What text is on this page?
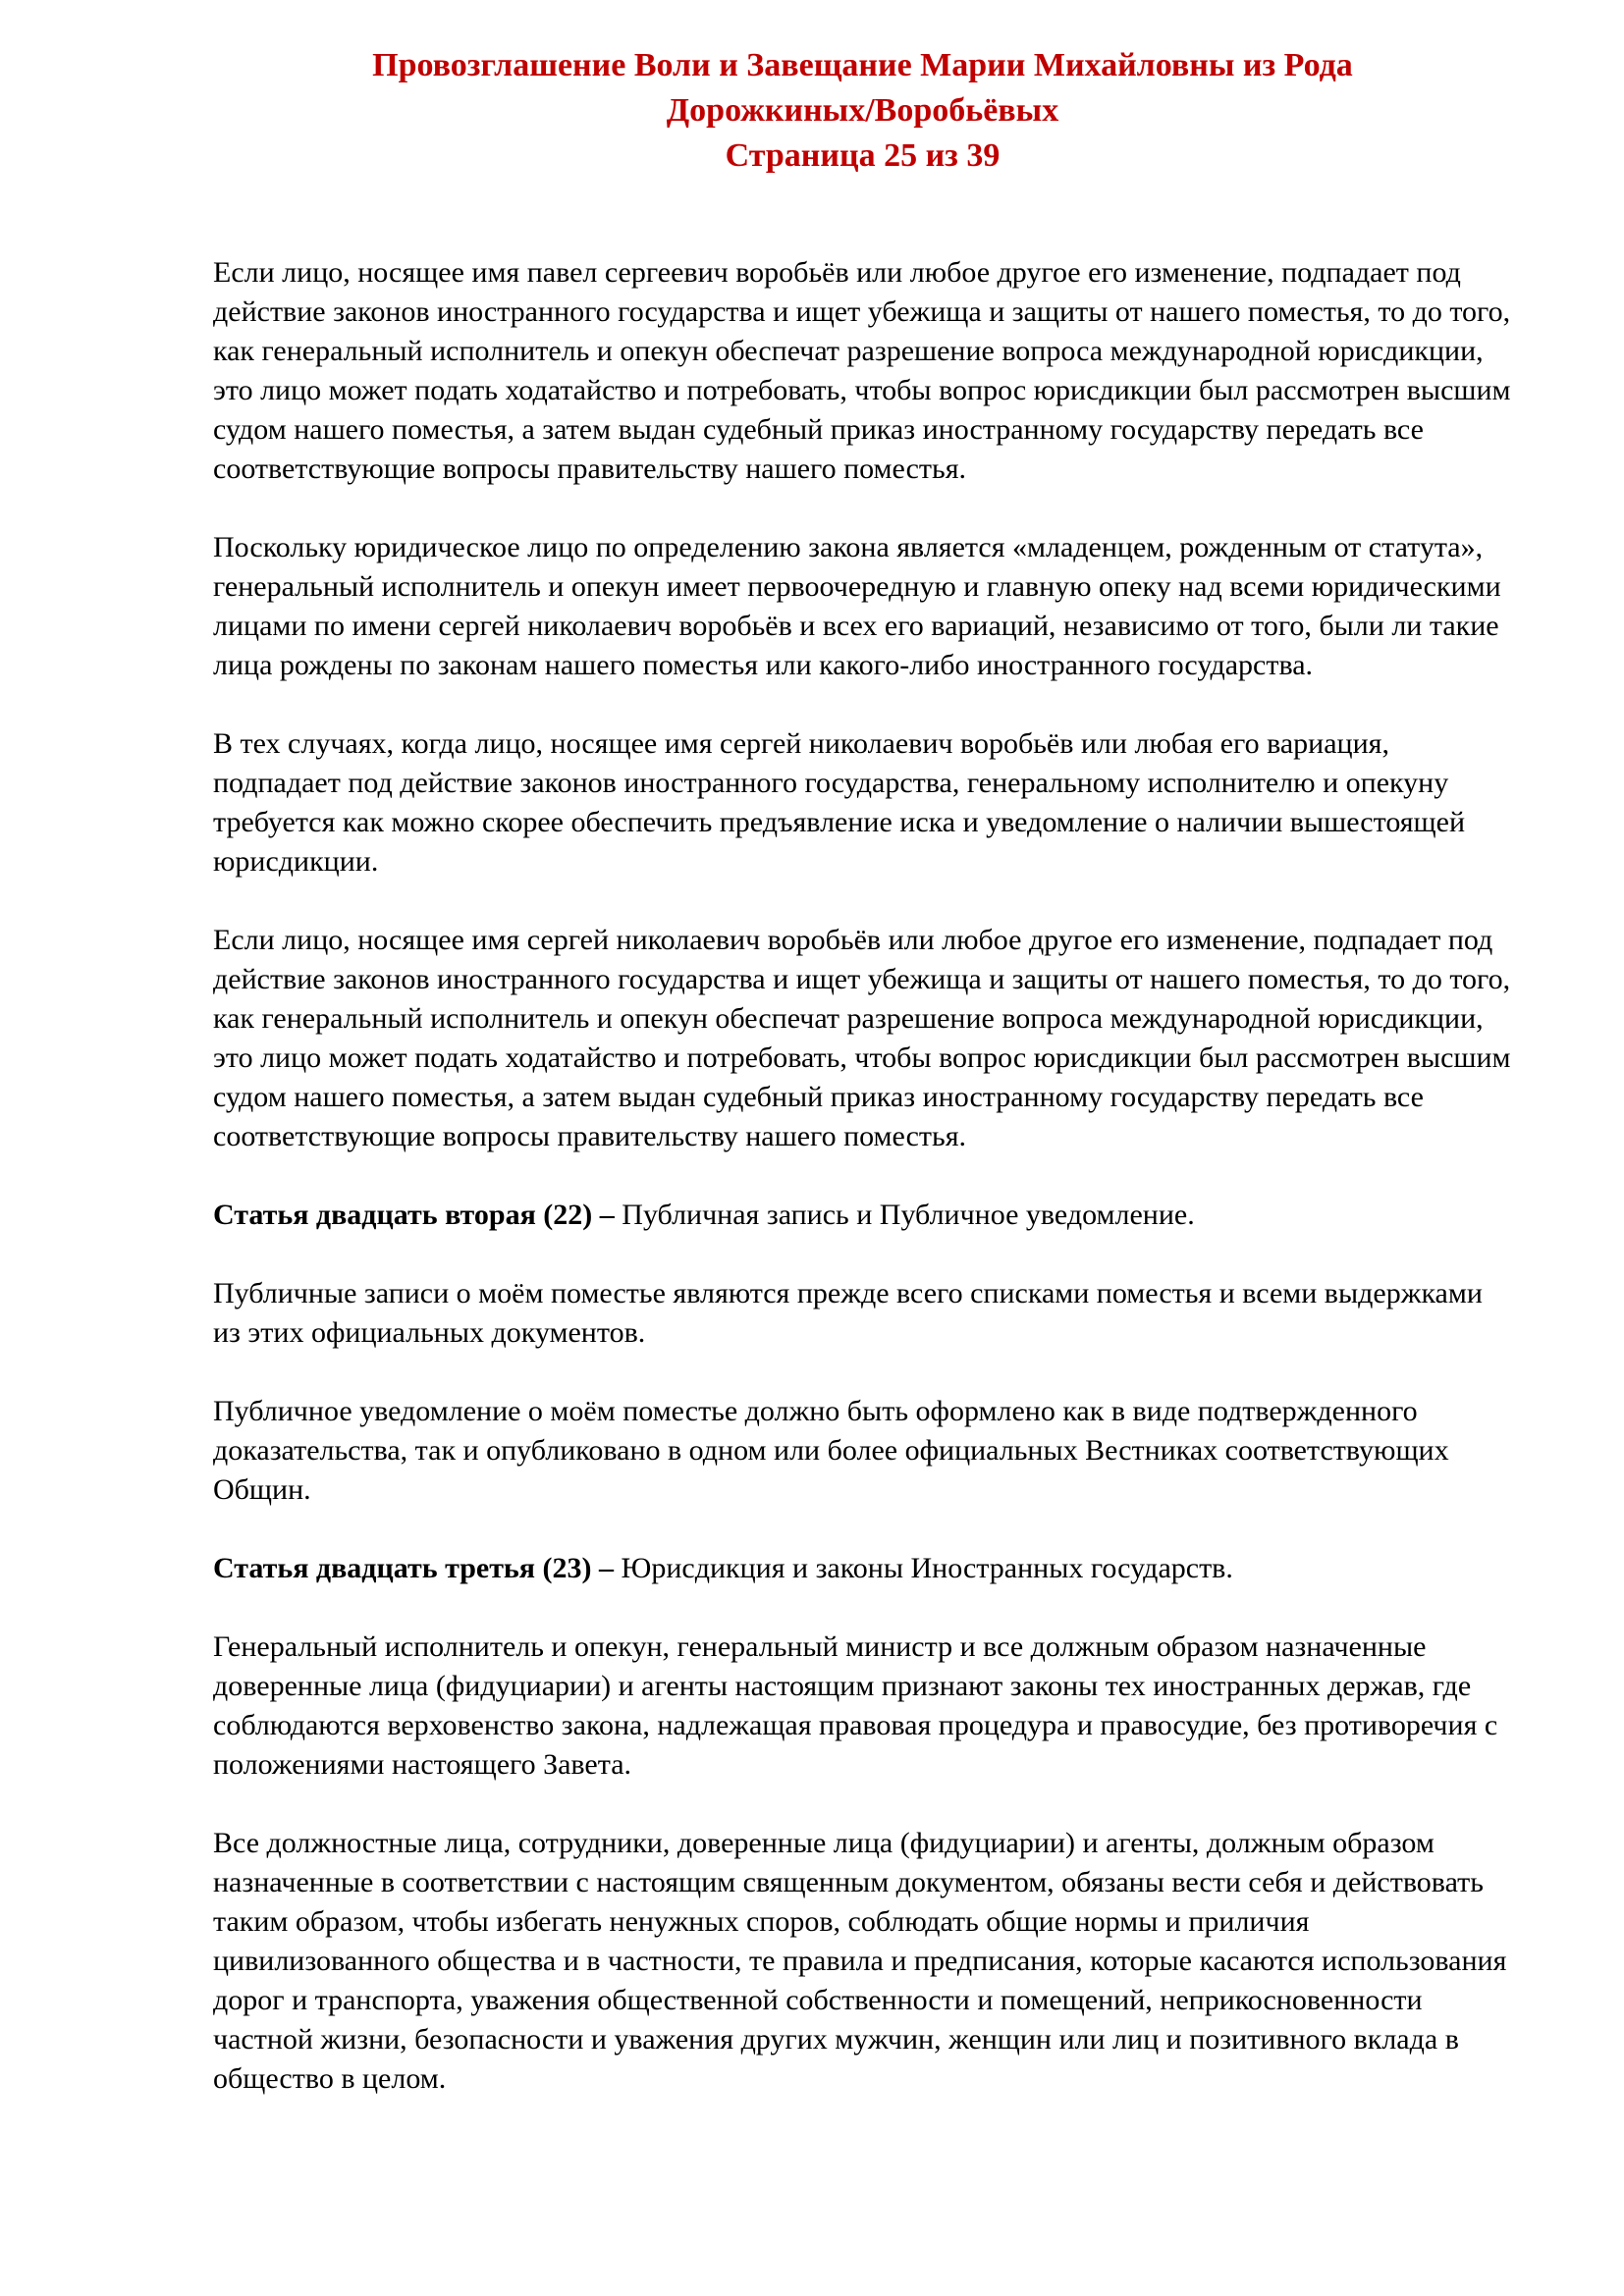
Провозглашение Воли и Завещание Марии Михайловны из Рода
Дорожкиных/Воробьёвых
Страница 25 из 39

Если лицо, носящее имя павел сергеевич воробьёв или любое другое его изменение, подпадает под действие законов иностранного государства и ищет убежища и защиты от нашего поместья, то до того, как генеральный исполнитель и опекун обеспечат разрешение вопроса международной юрисдикции, это лицо может подать ходатайство и потребовать, чтобы вопрос юрисдикции был рассмотрен высшим судом нашего поместья, а затем выдан судебный приказ иностранному государству передать все соответствующие вопросы правительству нашего поместья.

Поскольку юридическое лицо по определению закона является «младенцем, рожденным от статута», генеральный исполнитель и опекун имеет первоочередную и главную опеку над всеми юридическими лицами по имени сергей николаевич воробьёв и всех его вариаций, независимо от того, были ли такие лица рождены по законам нашего поместья или какого-либо иностранного государства.

В тех случаях, когда лицо, носящее имя сергей николаевич воробьёв или любая его вариация, подпадает под действие законов иностранного государства, генеральному исполнителю и опекуну требуется как можно скорее обеспечить предъявление иска и уведомление о наличии вышестоящей юрисдикции.

Если лицо, носящее имя сергей николаевич воробьёв или любое другое его изменение, подпадает под действие законов иностранного государства и ищет убежища и защиты от нашего поместья, то до того, как генеральный исполнитель и опекун обеспечат разрешение вопроса международной юрисдикции, это лицо может подать ходатайство и потребовать, чтобы вопрос юрисдикции был рассмотрен высшим судом нашего поместья, а затем выдан судебный приказ иностранному государству передать все соответствующие вопросы правительству нашего поместья.

Статья двадцать вторая (22) – Публичная запись и Публичное уведомление.

Публичные записи о моём поместье являются прежде всего списками поместья и всеми выдержками из этих официальных документов.

Публичное уведомление о моём поместье должно быть оформлено как в виде подтвержденного доказательства, так и опубликовано в одном или более официальных Вестниках соответствующих Общин.

Статья двадцать третья (23) – Юрисдикция и законы Иностранных государств.

Генеральный исполнитель и опекун, генеральный министр и все должным образом назначенные доверенные лица (фидуциарии) и агенты настоящим признают законы тех иностранных держав, где соблюдаются верховенство закона, надлежащая правовая процедура и правосудие, без противоречия с положениями настоящего Завета.

Все должностные лица, сотрудники, доверенные лица (фидуциарии) и агенты, должным образом назначенные в соответствии с настоящим священным документом, обязаны вести себя и действовать таким образом, чтобы избегать ненужных споров, соблюдать общие нормы и приличия цивилизованного общества и в частности, те правила и предписания, которые касаются использования дорог и транспорта, уважения общественной собственности и помещений, неприкосновенности частной жизни, безопасности и уважения других мужчин, женщин или лиц и позитивного вклада в общество в целом.
